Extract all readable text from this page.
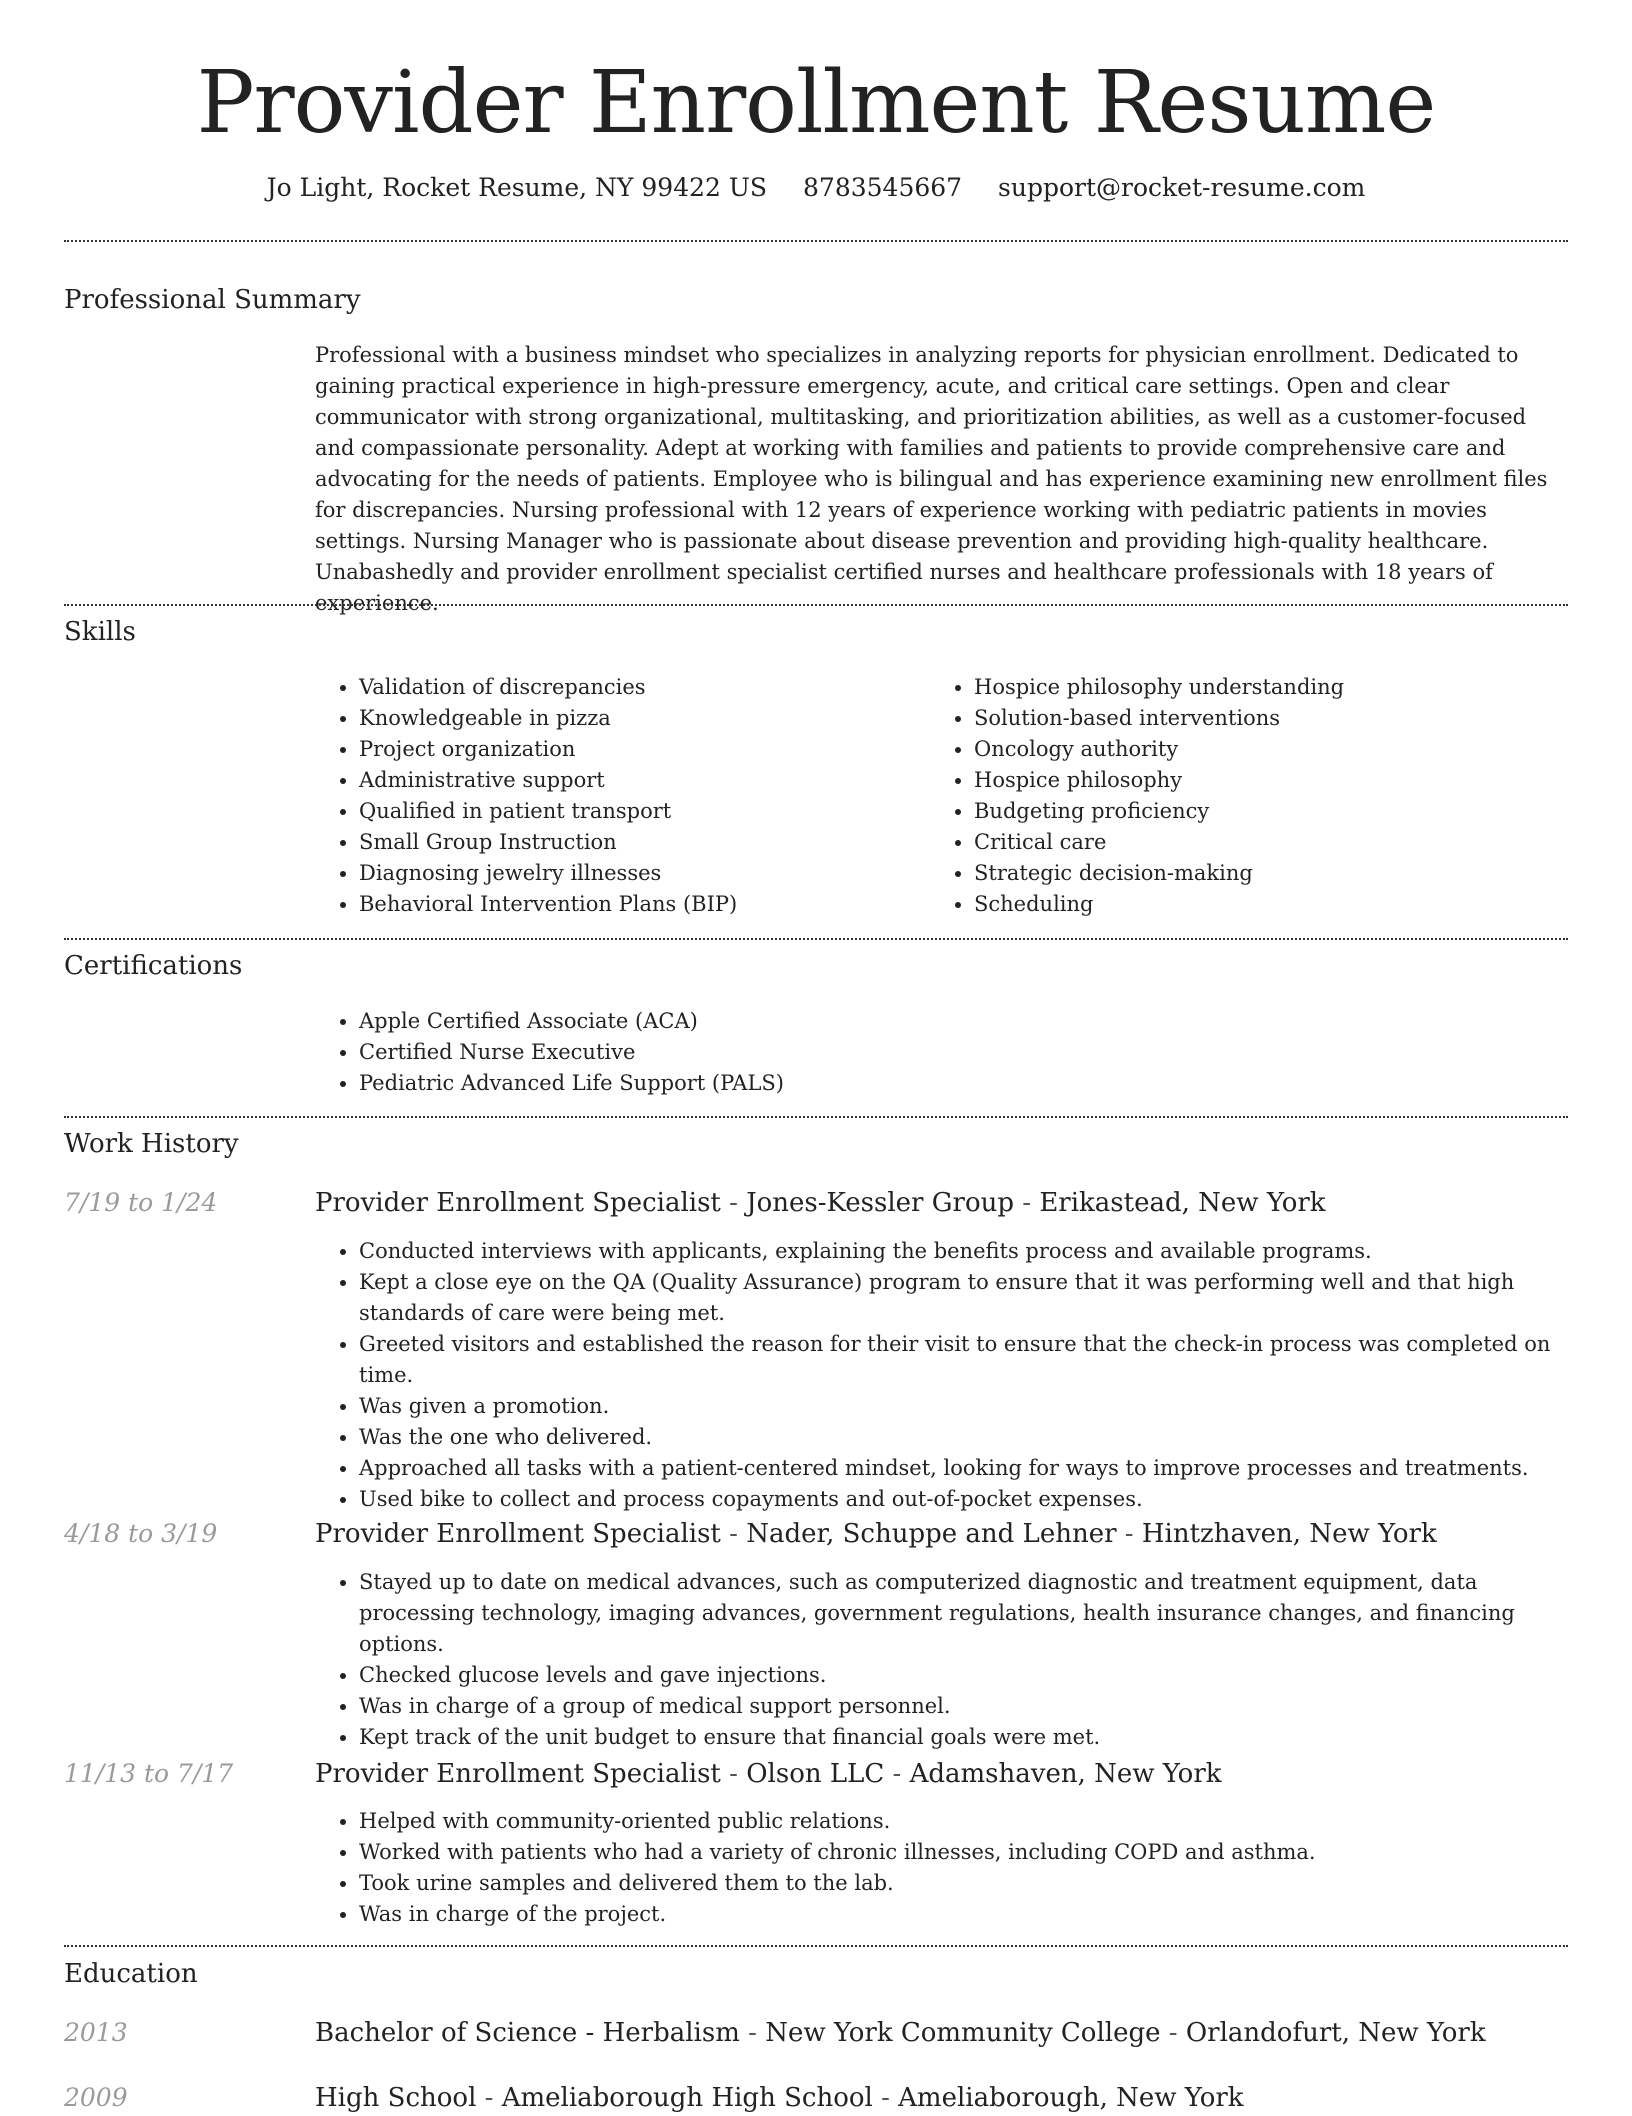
Provider Enrollment Resume
Jo Light, Rocket Resume, NY 99422 US 8783545667 support@rocket-resume.com
Professional Summary

Professional with a business mindset who specializes in analyzing reports for physician enrollment. Dedicated to gaining practical experience in high-pressure emergency, acute, and critical care settings. Open and clear communicator with strong organizational, multitasking, and prioritization abilities, as well as a customer-focused and compassionate personality. Adept at working with families and patients to provide comprehensive care and advocating for the needs of patients. Employee who is bilingual and has experience examining new enrollment files for discrepancies. Nursing professional with 12 years of experience working with pediatric patients in movies settings. Nursing Manager who is passionate about disease prevention and providing high-quality healthcare. Unabashedly and provider enrollment specialist certified nurses and healthcare professionals with 18 years of experience.

Skills
• Validation of discrepancies
• Knowledgeable in pizza
• Project organization
• Administrative support
• Qualified in patient transport
• Small Group Instruction
• Diagnosing jewelry illnesses
• Behavioral Intervention Plans (BIP)
• Hospice philosophy understanding
• Solution-based interventions
• Oncology authority
• Hospice philosophy
• Budgeting proficiency
• Critical care
• Strategic decision-making
• Scheduling
Certifications
• Apple Certified Associate (ACA)
• Certified Nurse Executive
• Pediatric Advanced Life Support (PALS)
Work History
7/19 to 1/24	Provider Enrollment Specialist - Jones-Kessler Group - Erikastead, New York
• Conducted interviews with applicants, explaining the benefits process and available programs.
• Kept a close eye on the QA (Quality Assurance) program to ensure that it was performing well and that high standards of care were being met.
• Greeted visitors and established the reason for their visit to ensure that the check-in process was completed on time.
• Was given a promotion.
• Was the one who delivered.
• Approached all tasks with a patient-centered mindset, looking for ways to improve processes and treatments.
• Used bike to collect and process copayments and out-of-pocket expenses.
4/18 to 3/19	Provider Enrollment Specialist - Nader, Schuppe and Lehner - Hintzhaven, New York
• Stayed up to date on medical advances, such as computerized diagnostic and treatment equipment, data processing technology, imaging advances, government regulations, health insurance changes, and financing options.
• Checked glucose levels and gave injections.
• Was in charge of a group of medical support personnel.
• Kept track of the unit budget to ensure that financial goals were met.
11/13 to 7/17	Provider Enrollment Specialist - Olson LLC - Adamshaven, New York
• Helped with community-oriented public relations.
• Worked with patients who had a variety of chronic illnesses, including COPD and asthma.
• Took urine samples and delivered them to the lab.
• Was in charge of the project.
Education
2013	Bachelor of Science - Herbalism - New York Community College - Orlandofurt, New York
2009	High School - Ameliaborough High School - Ameliaborough, New York
